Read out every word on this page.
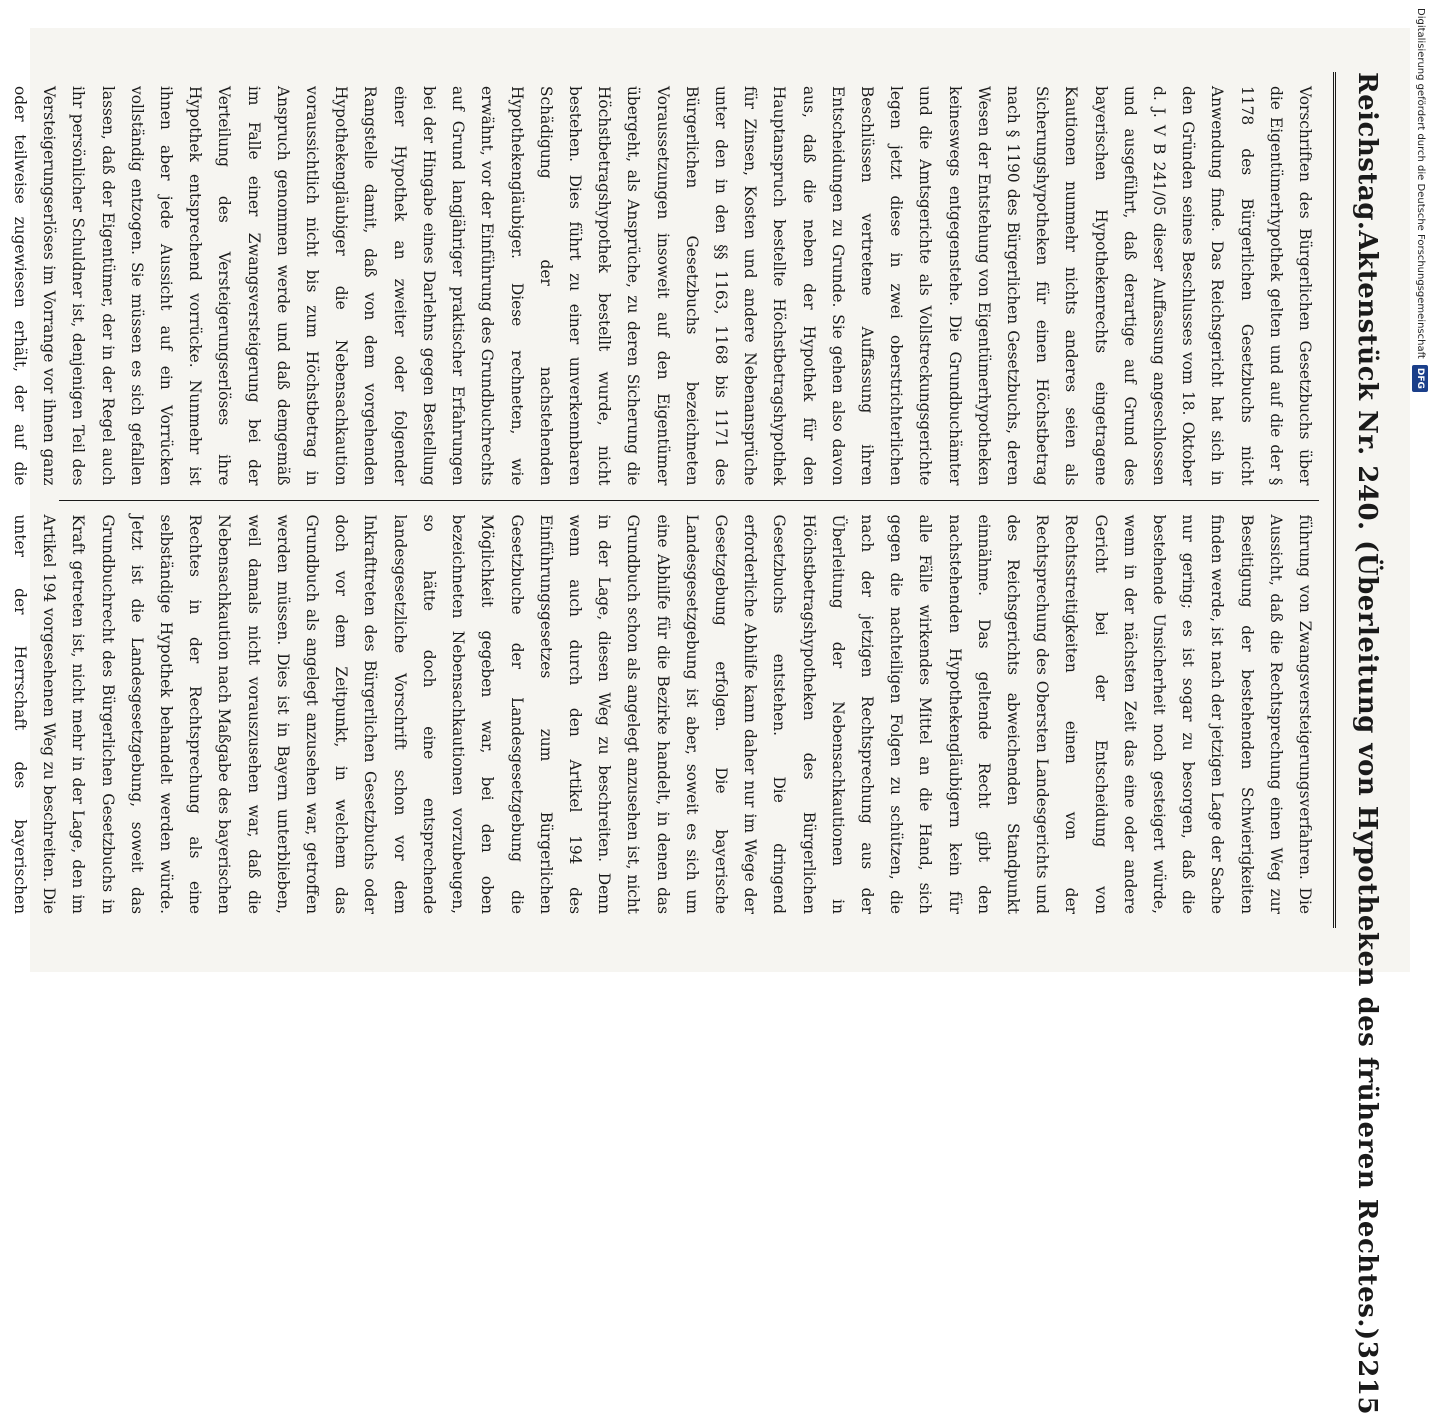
Reichstag.
Aktenstück Nr. 240. (Überleitung von Hypotheken des früheren Rechtes.)
3215

Vorschriften des Bürgerlichen Gesetzbuchs über die Eigentümerhypothek gelten und auf die der § 1178 des Bürgerlichen Gesetzbuchs nicht Anwendung finde. Das Reichsgericht hat sich in den Gründen seines Beschlusses vom 18. Oktober d. J. V B 241/05 dieser Auffassung angeschlossen und ausgeführt, daß derartige auf Grund des bayerischen Hypothekenrechts eingetragene Kautionen nunmehr nichts anderes seien als Sicherungshypotheken für einen Höchstbetrag nach § 1190 des Bürgerlichen Gesetzbuchs, deren Wesen der Entstehung von Eigentümerhypotheken keineswegs entgegenstehe. Die Grundbuchämter und die Amtsgerichte als Vollstreckungsgerichte legen jetzt diese in zwei oberstrichterlichen Beschlüssen vertretene Auffassung ihren Entscheidungen zu Grunde. Sie gehen also davon aus, daß die neben der Hypothek für den Hauptanspruch bestellte Höchstbetragshypothek für Zinsen, Kosten und andere Nebenansprüche unter den in den §§ 1163, 1168 bis 1171 des Bürgerlichen Gesetzbuchs bezeichneten Voraussetzungen insoweit auf den Eigentümer übergeht, als Ansprüche, zu deren Sicherung die Höchstbetragshypothek bestellt wurde, nicht bestehen. Dies führt zu einer unverkennbaren Schädigung der nachstehenden Hypothekengläubiger. Diese rechneten, wie erwähnt, vor der Einführung des Grundbuchrechts auf Grund langjähriger praktischer Erfahrungen bei der Hingabe eines Darlehns gegen Bestellung einer Hypothek an zweiter oder folgender Rangstelle damit, daß von dem vorgehenden Hypothekengläubiger die Nebensachkaution voraussichtlich nicht bis zum Höchstbetrag in Anspruch genommen werde und daß demgemäß im Falle einer Zwangsversteigerung bei der Verteilung des Versteigerungserlöses ihre Hypothek entsprechend vorrücke. Nunmehr ist ihnen aber jede Aussicht auf ein Vorrücken vollständig entzogen. Sie müssen es sich gefallen lassen, daß der Eigentümer, der in der Regel auch ihr persönlicher Schuldner ist, denjenigen Teil des Versteigerungserlöses im Vorrange vor ihnen ganz oder teilweise zugewiesen erhält, der auf die

führung von Zwangsversteigerungsverfahren. Die Aussicht, daß die Rechtsprechung einen Weg zur Beseitigung der bestehenden Schwierigkeiten finden werde, ist nach der jetzigen Lage der Sache nur gering; es ist sogar zu besorgen, daß die bestehende Unsicherheit noch gesteigert würde, wenn in der nächsten Zeit das eine oder andere Gericht bei der Entscheidung von Rechtsstreitigkeiten einen von der Rechtsprechung des Obersten Landesgerichts und des Reichsgerichts abweichenden Standpunkt einnähme. Das geltende Recht gibt den nachstehenden Hypothekengläubigern kein für alle Fälle wirkendes Mittel an die Hand, sich gegen die nachteiligen Folgen zu schützen, die nach der jetzigen Rechtsprechung aus der Überleitung der Nebensachkautionen in Höchstbetragshypotheken des Bürgerlichen Gesetzbuchs entstehen. Die dringend erforderliche Abhilfe kann daher nur im Wege der Gesetzgebung erfolgen. Die bayerische Landesgesetzgebung ist aber, soweit es sich um eine Abhilfe für die Bezirke handelt, in denen das Grundbuch schon als angelegt anzusehen ist, nicht in der Lage, diesen Weg zu beschreiten. Denn wenn auch durch den Artikel 194 des Einführungsgesetzes zum Bürgerlichen Gesetzbuche der Landesgesetzgebung die Möglichkeit gegeben war, bei den oben bezeichneten Nebensachkautionen vorzubeugen, so hätte doch eine entsprechende landesgesetzliche Vorschrift schon vor dem Inkrafttreten des Bürgerlichen Gesetzbuchs oder doch vor dem Zeitpunkt, in welchem das Grundbuch als angelegt anzusehen war, getroffen werden müssen. Dies ist in Bayern unterblieben, weil damals nicht vorauszusehen war, daß die Nebensachkaution nach Maßgabe des bayerischen Rechtes in der Rechtsprechung als eine selbständige Hypothek behandelt werden würde. Jetzt ist die Landesgesetzgebung, soweit das Grundbuchrecht des Bürgerlichen Gesetzbuchs in Kraft getreten ist, nicht mehr in der Lage, den im Artikel 194 vorgesehenen Weg zu beschreiten. Die unter der Herrschaft des bayerischen

Digitalisierung gefördert durch die Deutsche Forschungsgemeinschaft
DFG
